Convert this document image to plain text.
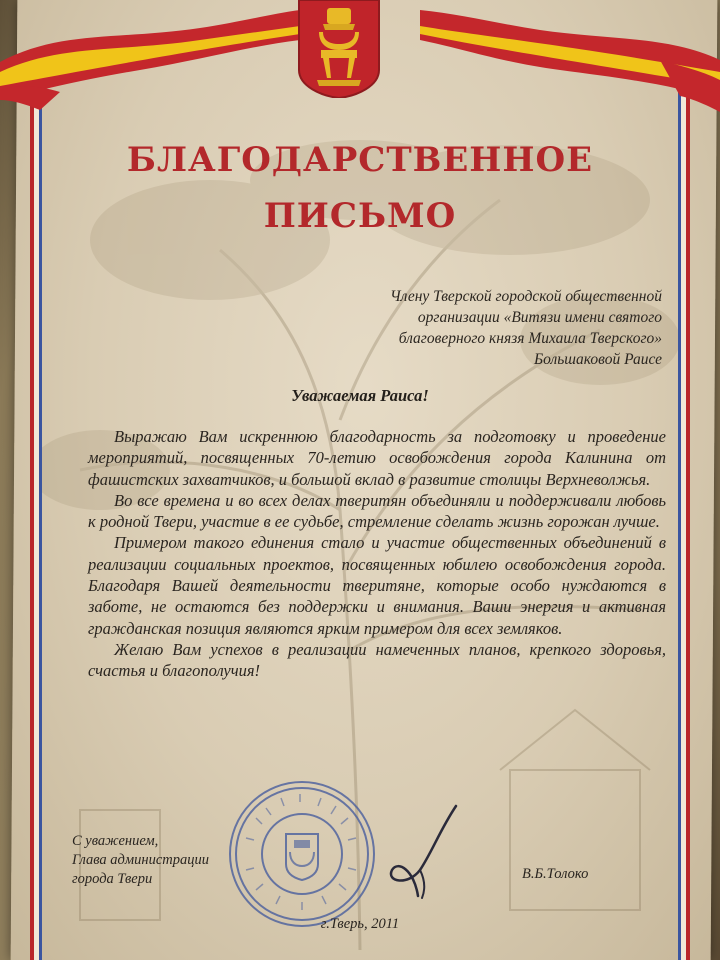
БЛАГОДАРСТВЕННОЕ
ПИСЬМО
Члену Тверской городской общественной
организации «Витязи имени святого
благоверного князя Михаила Тверского»
Большаковой Раисе
Уважаемая Раиса!

Выражаю Вам искреннюю благодарность за подготовку и проведение мероприятий, посвященных 70-летию освобождения города Калинина от фашистских захватчиков, и большой вклад в развитие столицы Верхневолжья.

Во все времена и во всех делах тверитян объединяли и поддерживали любовь к родной Твери, участие в ее судьбе, стремление сделать жизнь горожан лучше.

Примером такого единения стало и участие общественных объединений в реализации социальных проектов, посвященных юбилею освобождения города. Благодаря Вашей деятельности тверитяне, которые особо нуждаются в заботе, не остаются без поддержки и внимания. Ваши энергия и активная гражданская позиция являются ярким примером для всех земляков.

Желаю Вам успехов в реализации намеченных планов, крепкого здоровья, счастья и благополучия!

С уважением,
Глава администрации
города Твери	В.Б.Толоко
г.Тверь, 2011
